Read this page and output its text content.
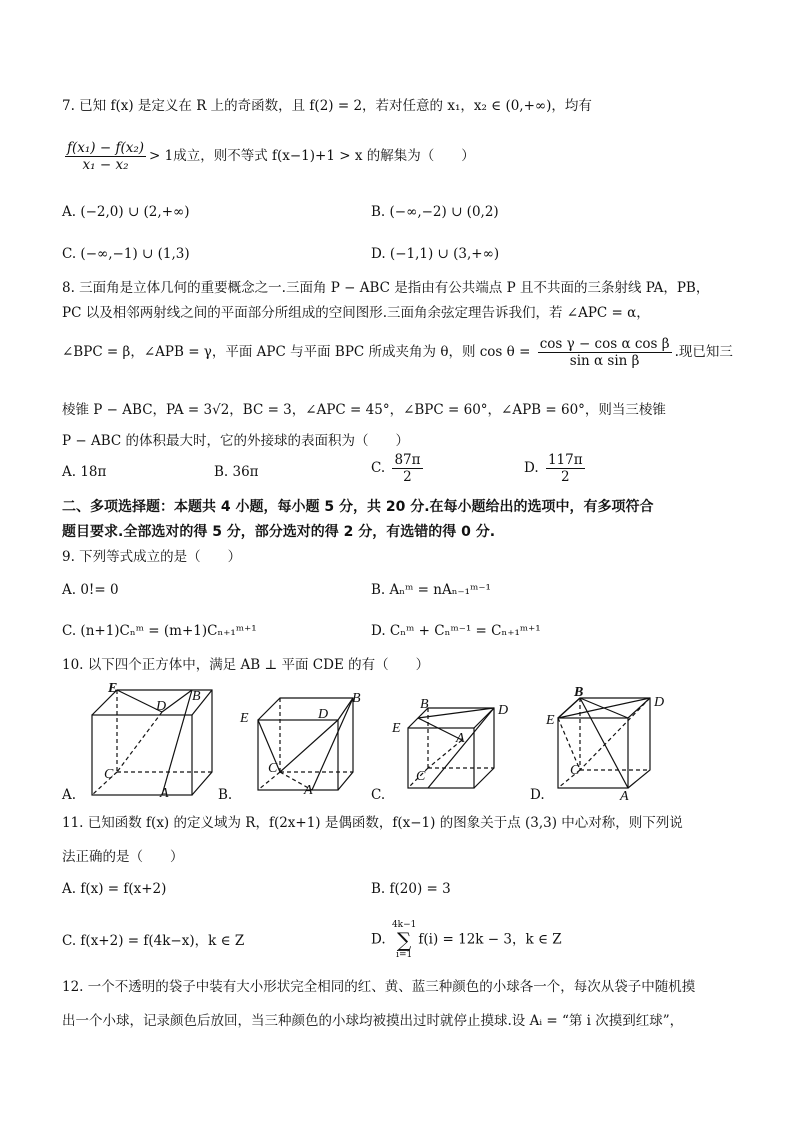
7. 已知 f(x) 是定义在 R 上的奇函数，且 f(2) = 2，若对任意的 x₁，x₂ ∈ (0,+∞)，均有
$\frac{\text{f(x₁) − f(x₂)}}{\text{x₁ − x₂}} > 1$成立，则不等式 f(x−1)+1 > x 的解集为（　　）
A. (−2,0) ∪ (2,+∞)	B. (−∞,−2) ∪ (0,2)
C. (−∞,−1) ∪ (1,3)	D. (−1,1) ∪ (3,+∞)
8. 三面角是立体几何的重要概念之一.三面角 P − ABC 是指由有公共端点 P 且不共面的三条射线 PA，PB，
PC 以及相邻两射线之间的平面部分所组成的空间图形.三面角余弦定理告诉我们，若 ∠APC = α，
∠BPC = β，∠APB = γ，平面 APC 与平面 BPC 所成夹角为 θ，则 $\cos \theta = \frac{\text{cos γ − cos α cos β}}{\text{sin α sin β}}$ .现已知三
棱锥 P − ABC，PA = 3√2，BC = 3，∠APC = 45°，∠BPC = 60°，∠APB = 60°，则当三棱锥
P − ABC 的体积最大时，它的外接球的表面积为（　　）
A. 18π	B. 36π	C. $\frac{87\pi}{2}$	D. $\frac{117\pi}{2}$
二、多项选择题：本题共 4 小题，每小题 5 分，共 20 分.在每小题给出的选项中，有多项符合
题目要求.全部选对的得 5 分，部分选对的得 2 分，有选错的得 0 分.
9. 下列等式成立的是（　　）
A. 0!= 0	B. Aₙᵐ = nAₙ₋₁ᵐ⁻¹
C. (n+1)Cₙᵐ = (m+1)Cₙ₊₁ᵐ⁺¹	D. Cₙᵐ + Cₙᵐ⁻¹ = Cₙ₊₁ᵐ⁺¹
10. 以下四个正方体中，满足 AB ⊥ 平面 CDE 的有（　　）
E
B
D
C
A
E
B
D
C
A
E
B	D
A
C
B
D
E
C
A
A.	B.	C.	D.
11. 已知函数 f(x) 的定义域为 R，f(2x+1) 是偶函数，f(x−1) 的图象关于点 (3,3) 中心对称，则下列说
法正确的是（　　）
A. f(x) = f(x+2)	B. f(20) = 3
C. f(x+2) = f(4k−x)，k ∈ Z	D.
4k−1
∑
i=1
f(i) = 12k − 3，k ∈ Z
12. 一个不透明的袋子中装有大小形状完全相同的红、黄、蓝三种颜色的小球各一个，每次从袋子中随机摸
出一个小球，记录颜色后放回，当三种颜色的小球均被摸出过时就停止摸球.设 Aᵢ = “第 i 次摸到红球”，
